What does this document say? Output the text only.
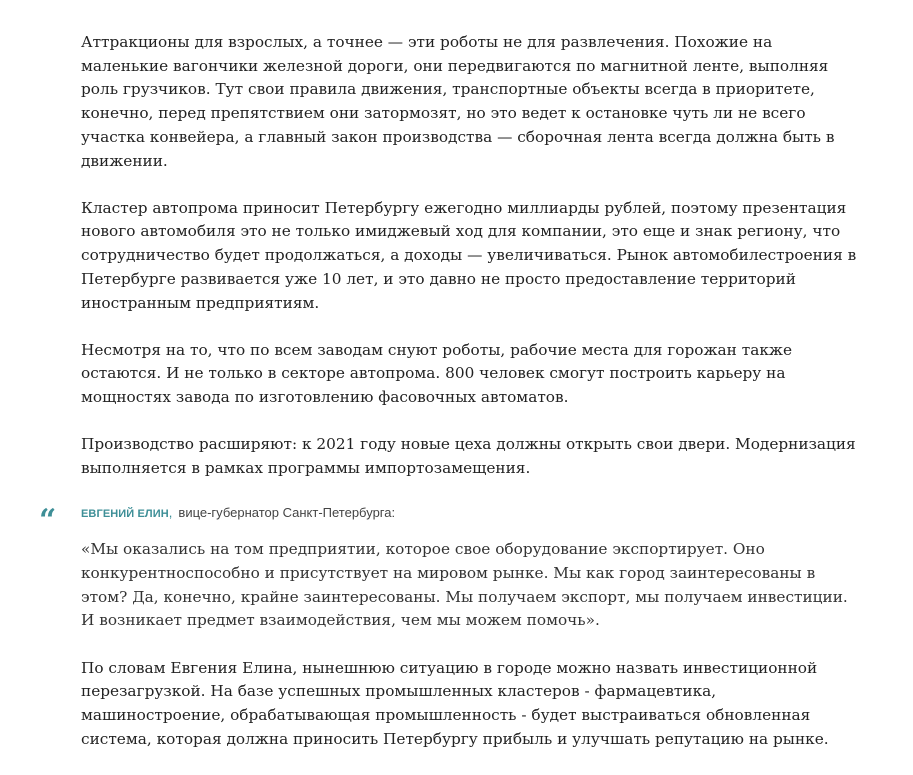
Аттракционы для взрослых, а точнее — эти роботы не для развлечения. Похожие на маленькие вагончики железной дороги, они передвигаются по магнитной ленте, выполняя роль грузчиков. Тут свои правила движения, транспортные объекты всегда в приоритете, конечно, перед препятствием они затормозят, но это ведет к остановке чуть ли не всего участка конвейера, а главный закон производства — сборочная лента всегда должна быть в движении.

Кластер автопрома приносит Петербургу ежегодно миллиарды рублей, поэтому презентация нового автомобиля это не только имиджевый ход для компании, это еще и знак региону, что сотрудничество будет продолжаться, а доходы — увеличиваться. Рынок автомобилестроения в Петербурге развивается уже 10 лет, и это давно не просто предоставление территорий иностранным предприятиям.

Несмотря на то, что по всем заводам снуют роботы, рабочие места для горожан также остаются. И не только в секторе автопрома. 800 человек смогут построить карьеру на мощностях завода по изготовлению фасовочных автоматов.

Производство расширяют: к 2021 году новые цеха должны открыть свои двери. Модернизация выполняется в рамках программы импортозамещения.

“ ЕВГЕНИЙ ЕЛИН, вице-губернатор Санкт-Петербурга:

«Мы оказались на том предприятии, которое свое оборудование экспортирует. Оно конкурентноспособно и присутствует на мировом рынке. Мы как город заинтересованы в этом? Да, конечно, крайне заинтересованы. Мы получаем экспорт, мы получаем инвестиции. И возникает предмет взаимодействия, чем мы можем помочь».

По словам Евгения Елина, нынешнюю ситуацию в городе можно назвать инвестиционной перезагрузкой. На базе успешных промышленных кластеров - фармацевтика, машиностроение, обрабатывающая промышленность - будет выстраиваться обновленная система, которая должна приносить Петербургу прибыль и улучшать репутацию на рынке.
